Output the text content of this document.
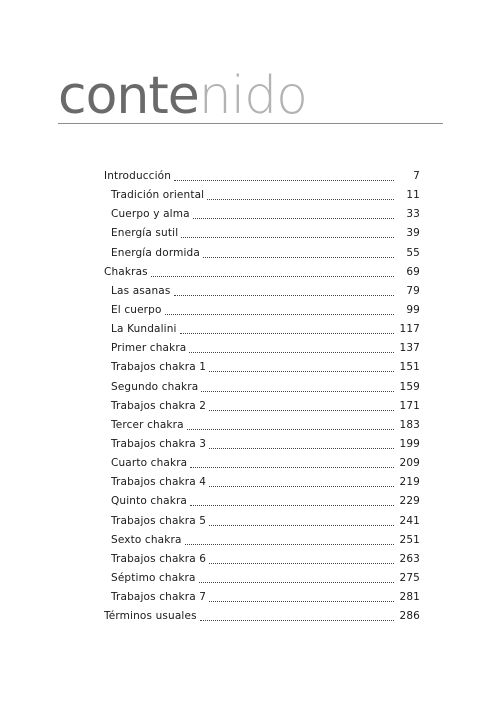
contenido
Introducción	7
Tradición oriental	11
Cuerpo y alma	33
Energía sutil	39
Energía dormida	55
Chakras	69
Las asanas	79
El cuerpo	99
La Kundalini	117
Primer chakra	137
Trabajos chakra 1	151
Segundo chakra	159
Trabajos chakra 2	171
Tercer chakra	183
Trabajos chakra 3	199
Cuarto chakra	209
Trabajos chakra 4	219
Quinto chakra	229
Trabajos chakra 5	241
Sexto chakra	251
Trabajos chakra 6	263
Séptimo chakra	275
Trabajos chakra 7	281
Términos usuales	286
